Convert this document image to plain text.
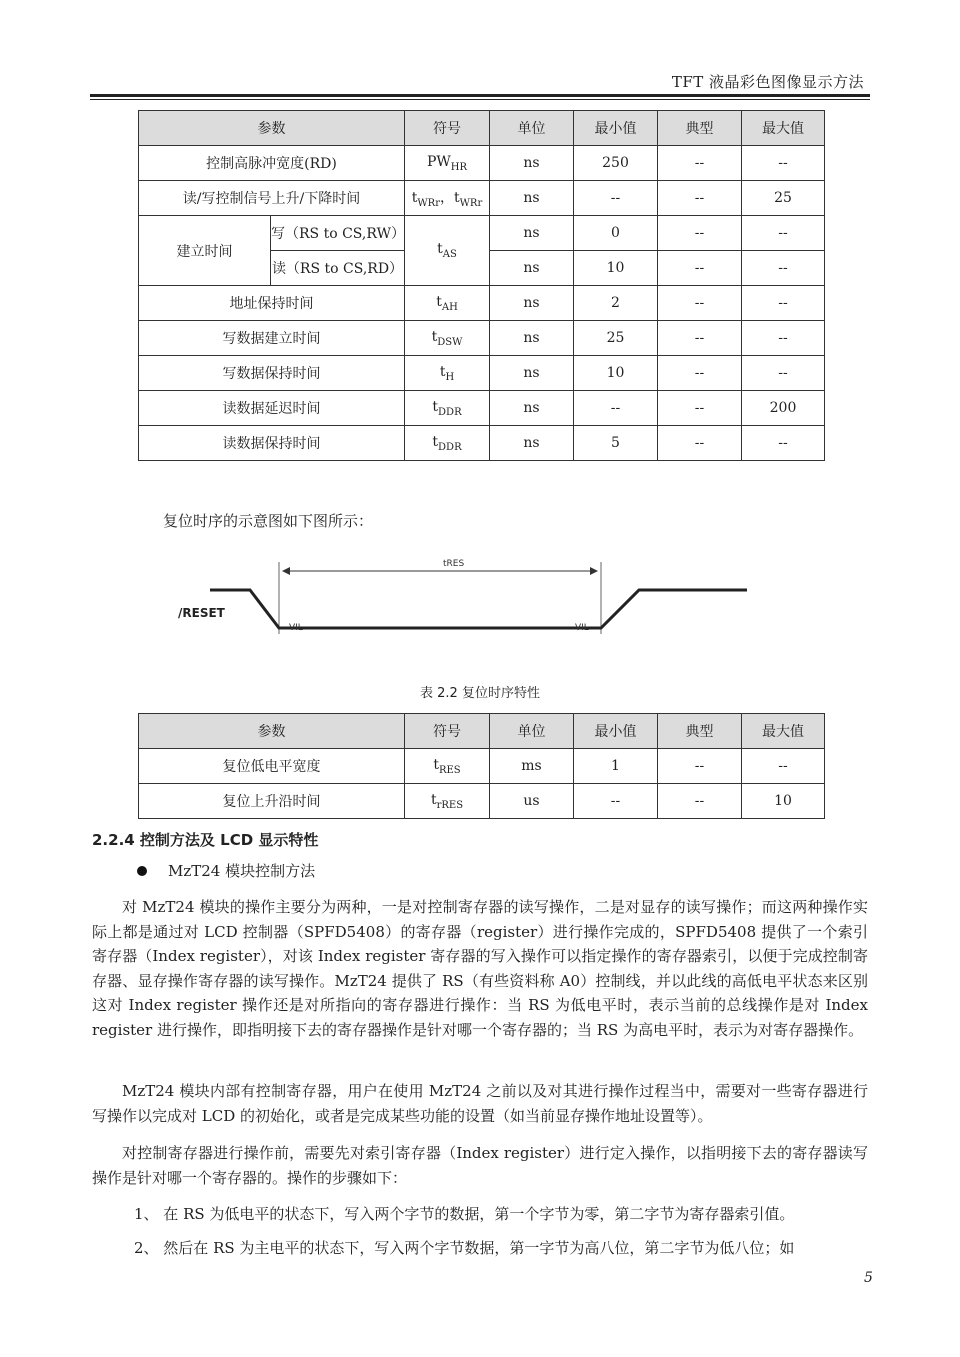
TFT 液晶彩色图像显示方法
参数		符号	单位	最小值	典型	最大值
控制高脉冲宽度(RD)		$PW_{HR}$	ns	250	--	--
读/写控制信号上升/下降时间		$t_{WRr}$，$t_{WRr}$	ns	--	--	25
建立时间	写（RS to CS,RW）	$t_{AS}$	ns	0	--	--
	读（RS to CS,RD）		ns	10	--	--
地址保持时间		$t_{AH}$	ns	2	--	--
写数据建立时间		$t_{DSW}$	ns	25	--	--
写数据保持时间		$t_H$	ns	10	--	--
读数据延迟时间		$t_{DDR}$	ns	--	--	200
读数据保持时间		$t_{DDR}$	ns	5	--	--

复位时序的示意图如下图所示：

tRES
/RESET
VIL	VIL
表 2.2 复位时序特性
参数	符号	单位	最小值	典型	最大值
复位低电平宽度	$t_{RES}$	ms	1	--	--
复位上升沿时间	$t_{rRES}$	us	--	--	10
2.2.4 控制方法及 LCD 显示特性
MzT24 模块控制方法

对 MzT24 模块的操作主要分为两种，一是对控制寄存器的读写操作，二是对显存的读写操作；而这两种操作实际上都是通过对 LCD 控制器（SPFD5408）的寄存器（register）进行操作完成的，SPFD5408 提供了一个索引寄存器（Index register），对该 Index register 寄存器的写入操作可以指定操作的寄存器索引，以便于完成控制寄存器、显存操作寄存器的读写操作。MzT24 提供了 RS（有些资料称 A0）控制线，并以此线的高低电平状态来区别这对 Index register 操作还是对所指向的寄存器进行操作：当 RS 为低电平时，表示当前的总线操作是对 Index register 进行操作，即指明接下去的寄存器操作是针对哪一个寄存器的；当 RS 为高电平时，表示为对寄存器操作。

MzT24 模块内部有控制寄存器，用户在使用 MzT24 之前以及对其进行操作过程当中，需要对一些寄存器进行写操作以完成对 LCD 的初始化，或者是完成某些功能的设置（如当前显存操作地址设置等）。

对控制寄存器进行操作前，需要先对索引寄存器（Index register）进行定入操作，以指明接下去的寄存器读写操作是针对哪一个寄存器的。操作的步骤如下：

1、 在 RS 为低电平的状态下，写入两个字节的数据，第一个字节为零，第二字节为寄存器索引值。

2、 然后在 RS 为主电平的状态下，写入两个字节数据，第一字节为高八位，第二字节为低八位；如

5
